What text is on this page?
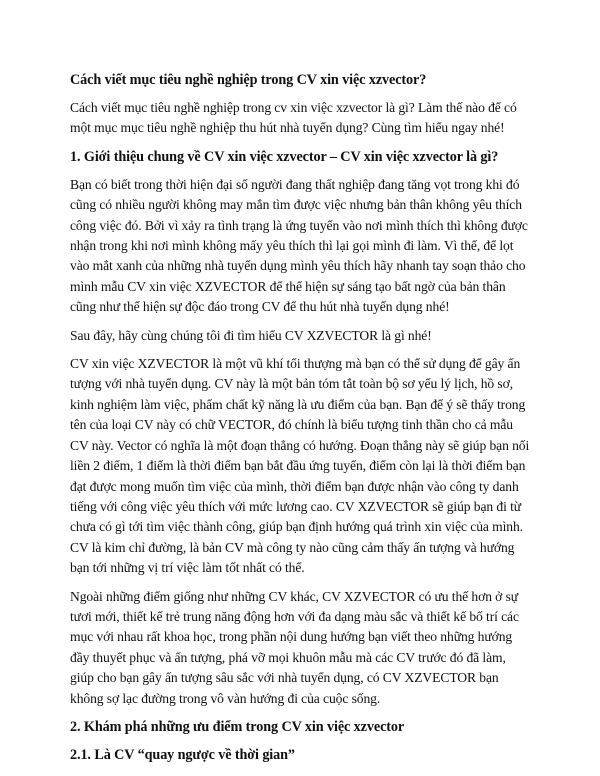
Cách viết mục tiêu nghề nghiệp trong CV xin việc xzvector?

Cách viết mục tiêu nghề nghiệp trong cv xin việc xzvector là gì? Làm thế nào để có một mục mục tiêu nghề nghiệp thu hút nhà tuyển dụng? Cùng tìm hiểu ngay nhé!

1. Giới thiệu chung về CV xin việc xzvector – CV xin việc xzvector là gì?

Bạn có biết trong thời hiện đại số người đang thất nghiệp đang tăng vọt trong khi đó cũng có nhiều người không may mắn tìm được việc nhưng bản thân không yêu thích công việc đó. Bởi vì xảy ra tình trạng là ứng tuyển vào nơi mình thích thì không được nhận trong khi nơi mình không mấy yêu thích thì lại gọi mình đi làm. Vì thế, để lọt vào mắt xanh của những nhà tuyển dụng mình yêu thích hãy nhanh tay soạn thảo cho mình mẫu CV xin việc XZVECTOR để thể hiện sự sáng tạo bất ngờ của bản thân cũng như thể hiện sự độc đáo trong CV để thu hút nhà tuyển dụng nhé!

Sau đây, hãy cùng chúng tôi đi tìm hiểu CV XZVECTOR là gì nhé!

CV xin việc XZVECTOR là một vũ khí tối thượng mà bạn có thể sử dụng để gây ấn tượng với nhà tuyển dụng. CV này là một bản tóm tắt toàn bộ sơ yếu lý lịch, hồ sơ, kinh nghiệm làm việc, phẩm chất kỹ năng là ưu điểm của bạn. Bạn để ý sẽ thấy trong tên của loại CV này có chữ VECTOR, đó chính là biểu tượng tinh thần cho cả mẫu CV này. Vector có nghĩa là một đoạn thẳng có hướng. Đoạn thẳng này sẽ giúp bạn nối liền 2 điểm, 1 điểm là thời điểm bạn bắt đầu ứng tuyển, điểm còn lại là thời điểm bạn đạt được mong muốn tìm việc của mình, thời điểm bạn được nhận vào công ty danh tiếng với công việc yêu thích với mức lương cao. CV XZVECTOR sẽ giúp bạn đi từ chưa có gì tới tìm việc thành công, giúp bạn định hướng quá trình xin việc của mình. CV là kim chỉ đường, là bản CV mà công ty nào cũng cảm thấy ấn tượng và hướng bạn tới những vị trí việc làm tốt nhất có thể.

Ngoài những điểm giống như những CV khác, CV XZVECTOR có ưu thế hơn ở sự tươi mới, thiết kế trẻ trung năng động hơn với đa dạng màu sắc và thiết kế bố trí các mục với nhau rất khoa học, trong phần nội dung hướng bạn viết theo những hướng đầy thuyết phục và ấn tượng, phá vỡ mọi khuôn mẫu mà các CV trước đó đã làm, giúp cho bạn gây ấn tượng sâu sắc với nhà tuyển dụng, có CV XZVECTOR bạn không sợ lạc đường trong vô vàn hướng đi của cuộc sống.

2. Khám phá những ưu điểm trong CV xin việc xzvector
2.1. Là CV “quay ngược về thời gian”
